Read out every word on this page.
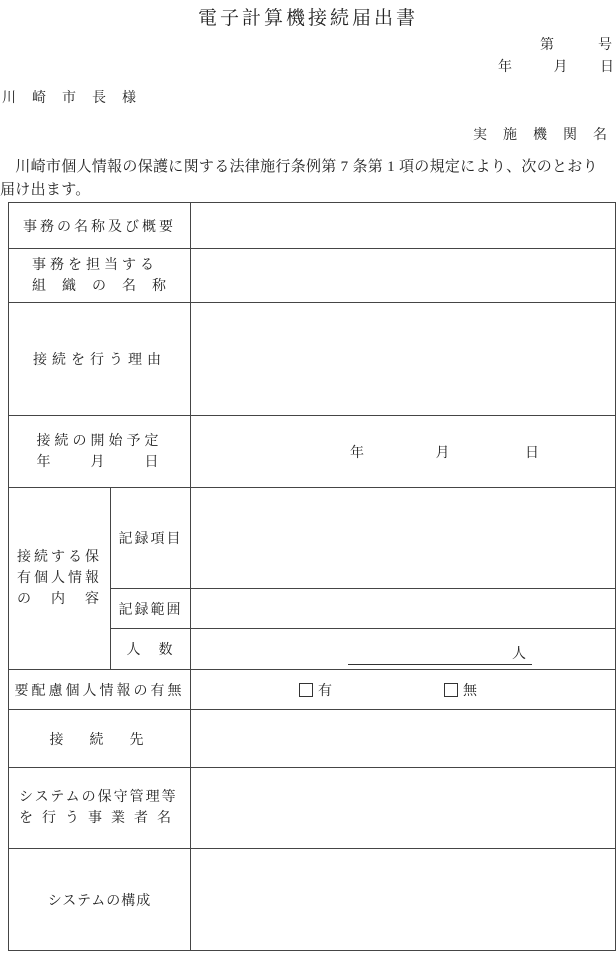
電子計算機接続届出書
第	号
年	月 日
川　崎　市　長　様
実　施　機　関　名
　川崎市個人情報の保護に関する法律施行条例第 7 条第 1 項の規定により、次のとおり
届け出ます。
事務の名称及び概要		

事務を担当する
組　織　の　名　称		

接続を行う理由		

接続の開始予定
年　　月　　日		年 月 日

接続する保
有個人情報
の　内　容	記録項目	

	記録範囲	

	人　数	人

要配慮個人情報の有無		有 無

接　続　先		

システムの保守管理等
を行う事業者名		

システムの構成		
